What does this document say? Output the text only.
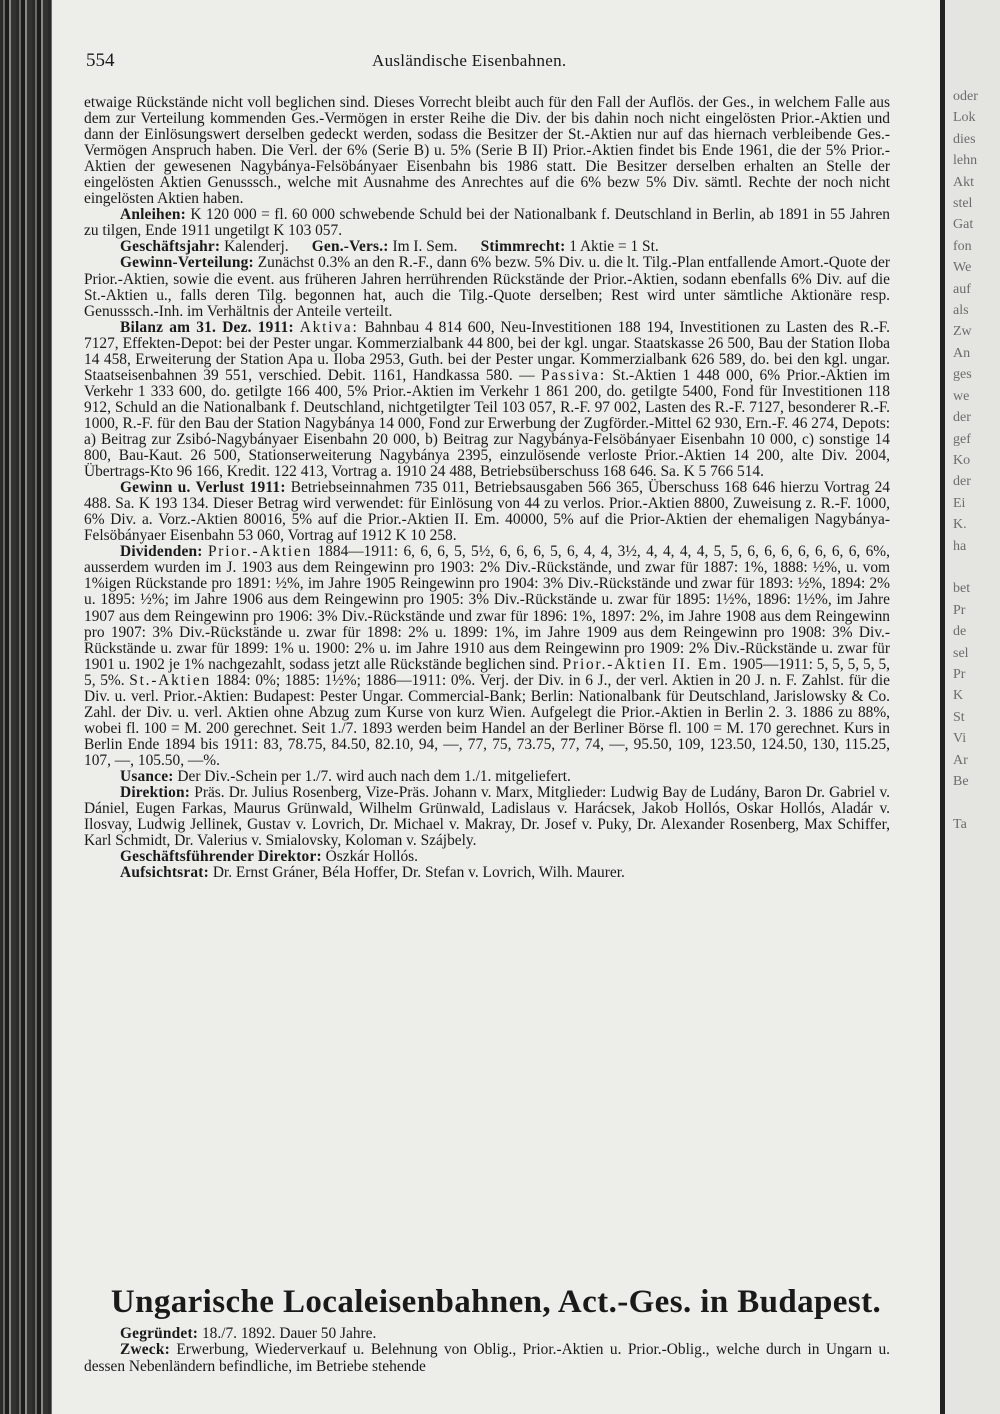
oder
Lok
dies
lehn
Akt
stel
Gat
fon
We
auf
als
Zw
An
ges
we
der
gef
Ko
der
Ei
K.
ha

bet
Pr
de
sel
Pr
K
St
Vi
Ar
Be

Ta
554	Ausländische Eisenbahnen.

etwaige Rückstände nicht voll beglichen sind. Dieses Vorrecht bleibt auch für den Fall der Auflös. der Ges., in welchem Falle aus dem zur Verteilung kommenden Ges.-Vermögen in erster Reihe die Div. der bis dahin noch nicht eingelösten Prior.-Aktien und dann der Einlösungswert derselben gedeckt werden, sodass die Besitzer der St.-Aktien nur auf das hiernach verbleibende Ges.-Vermögen Anspruch haben. Die Verl. der 6% (Serie B) u. 5% (Serie B II) Prior.-Aktien findet bis Ende 1961, die der 5% Prior.-Aktien der gewesenen Nagybánya-Felsöbányaer Eisenbahn bis 1986 statt. Die Besitzer derselben erhalten an Stelle der eingelösten Aktien Genusssch., welche mit Ausnahme des Anrechtes auf die 6% bezw 5% Div. sämtl. Rechte der noch nicht eingelösten Aktien haben.

Anleihen: K 120 000 = fl. 60 000 schwebende Schuld bei der Nationalbank f. Deutschland in Berlin, ab 1891 in 55 Jahren zu tilgen, Ende 1911 ungetilgt K 103 057.

Geschäftsjahr: Kalenderj. Gen.-Vers.: Im I. Sem. Stimmrecht: 1 Aktie = 1 St.

Gewinn-Verteilung: Zunächst 0.3% an den R.-F., dann 6% bezw. 5% Div. u. die lt. Tilg.-Plan entfallende Amort.-Quote der Prior.-Aktien, sowie die event. aus früheren Jahren herrührenden Rückstände der Prior.-Aktien, sodann ebenfalls 6% Div. auf die St.-Aktien u., falls deren Tilg. begonnen hat, auch die Tilg.-Quote derselben; Rest wird unter sämtliche Aktionäre resp. Genusssch.-Inh. im Verhältnis der Anteile verteilt.

Bilanz am 31. Dez. 1911: Aktiva: Bahnbau 4 814 600, Neu-Investitionen 188 194, Investitionen zu Lasten des R.-F. 7127, Effekten-Depot: bei der Pester ungar. Kommerzialbank 44 800, bei der kgl. ungar. Staatskasse 26 500, Bau der Station Iloba 14 458, Erweiterung der Station Apa u. Iloba 2953, Guth. bei der Pester ungar. Kommerzialbank 626 589, do. bei den kgl. ungar. Staatseisenbahnen 39 551, verschied. Debit. 1161, Handkassa 580. — Passiva: St.-Aktien 1 448 000, 6% Prior.-Aktien im Verkehr 1 333 600, do. getilgte 166 400, 5% Prior.-Aktien im Verkehr 1 861 200, do. getilgte 5400, Fond für Investitionen 118 912, Schuld an die Nationalbank f. Deutschland, nichtgetilgter Teil 103 057, R.-F. 97 002, Lasten des R.-F. 7127, besonderer R.-F. 1000, R.-F. für den Bau der Station Nagybánya 14 000, Fond zur Erwerbung der Zugförder.-Mittel 62 930, Ern.-F. 46 274, Depots: a) Beitrag zur Zsibó-Nagybányaer Eisenbahn 20 000, b) Beitrag zur Nagybánya-Felsöbányaer Eisenbahn 10 000, c) sonstige 14 800, Bau-Kaut. 26 500, Stationserweiterung Nagybánya 2395, einzulösende verloste Prior.-Aktien 14 200, alte Div. 2004, Übertrags-Kto 96 166, Kredit. 122 413, Vortrag a. 1910 24 488, Betriebsüberschuss 168 646. Sa. K 5 766 514.

Gewinn u. Verlust 1911: Betriebseinnahmen 735 011, Betriebsausgaben 566 365, Überschuss 168 646 hierzu Vortrag 24 488. Sa. K 193 134. Dieser Betrag wird verwendet: für Einlösung von 44 zu verlos. Prior.-Aktien 8800, Zuweisung z. R.-F. 1000, 6% Div. a. Vorz.-Aktien 80016, 5% auf die Prior.-Aktien II. Em. 40000, 5% auf die Prior-Aktien der ehemaligen Nagybánya-Felsöbányaer Eisenbahn 53 060, Vortrag auf 1912 K 10 258.

Dividenden: Prior.-Aktien 1884—1911: 6, 6, 6, 5, 5½, 6, 6, 6, 5, 6, 4, 4, 3½, 4, 4, 4, 4, 5, 5, 6, 6, 6, 6, 6, 6, 6, 6%, ausserdem wurden im J. 1903 aus dem Reingewinn pro 1903: 2% Div.-Rückstände, und zwar für 1887: 1%, 1888: ½%, u. vom 1%igen Rückstande pro 1891: ½%, im Jahre 1905 Reingewinn pro 1904: 3% Div.-Rückstände und zwar für 1893: ½%, 1894: 2% u. 1895: ½%; im Jahre 1906 aus dem Reingewinn pro 1905: 3% Div.-Rückstände u. zwar für 1895: 1½%, 1896: 1½%, im Jahre 1907 aus dem Reingewinn pro 1906: 3% Div.-Rückstände und zwar für 1896: 1%, 1897: 2%, im Jahre 1908 aus dem Reingewinn pro 1907: 3% Div.-Rückstände u. zwar für 1898: 2% u. 1899: 1%, im Jahre 1909 aus dem Reingewinn pro 1908: 3% Div.-Rückstände u. zwar für 1899: 1% u. 1900: 2% u. im Jahre 1910 aus dem Reingewinn pro 1909: 2% Div.-Rückstände u. zwar für 1901 u. 1902 je 1% nachgezahlt, sodass jetzt alle Rückstände beglichen sind. Prior.-Aktien II. Em. 1905—1911: 5, 5, 5, 5, 5, 5, 5%. St.-Aktien 1884: 0%; 1885: 1½%; 1886—1911: 0%. Verj. der Div. in 6 J., der verl. Aktien in 20 J. n. F. Zahlst. für die Div. u. verl. Prior.-Aktien: Budapest: Pester Ungar. Commercial-Bank; Berlin: Nationalbank für Deutschland, Jarislowsky & Co. Zahl. der Div. u. verl. Aktien ohne Abzug zum Kurse von kurz Wien. Aufgelegt die Prior.-Aktien in Berlin 2. 3. 1886 zu 88%, wobei fl. 100 = M. 200 gerechnet. Seit 1./7. 1893 werden beim Handel an der Berliner Börse fl. 100 = M. 170 gerechnet. Kurs in Berlin Ende 1894 bis 1911: 83, 78.75, 84.50, 82.10, 94, —, 77, 75, 73.75, 77, 74, —, 95.50, 109, 123.50, 124.50, 130, 115.25, 107, —, 105.50, —%.

Usance: Der Div.-Schein per 1./7. wird auch nach dem 1./1. mitgeliefert.

Direktion: Präs. Dr. Julius Rosenberg, Vize-Präs. Johann v. Marx, Mitglieder: Ludwig Bay de Ludány, Baron Dr. Gabriel v. Dániel, Eugen Farkas, Maurus Grünwald, Wilhelm Grünwald, Ladislaus v. Harácsek, Jakob Hollós, Oskar Hollós, Aladár v. Ilosvay, Ludwig Jellinek, Gustav v. Lovrich, Dr. Michael v. Makray, Dr. Josef v. Puky, Dr. Alexander Rosenberg, Max Schiffer, Karl Schmidt, Dr. Valerius v. Smialovsky, Koloman v. Szájbely.

Geschäftsführender Direktor: Oszkár Hollós.

Aufsichtsrat: Dr. Ernst Gráner, Béla Hoffer, Dr. Stefan v. Lovrich, Wilh. Maurer.

Ungarische Localeisenbahnen, Act.-Ges. in Budapest.

Gegründet: 18./7. 1892. Dauer 50 Jahre.

Zweck: Erwerbung, Wiederverkauf u. Belehnung von Oblig., Prior.-Aktien u. Prior.-Oblig., welche durch in Ungarn u. dessen Nebenländern befindliche, im Betriebe stehende
